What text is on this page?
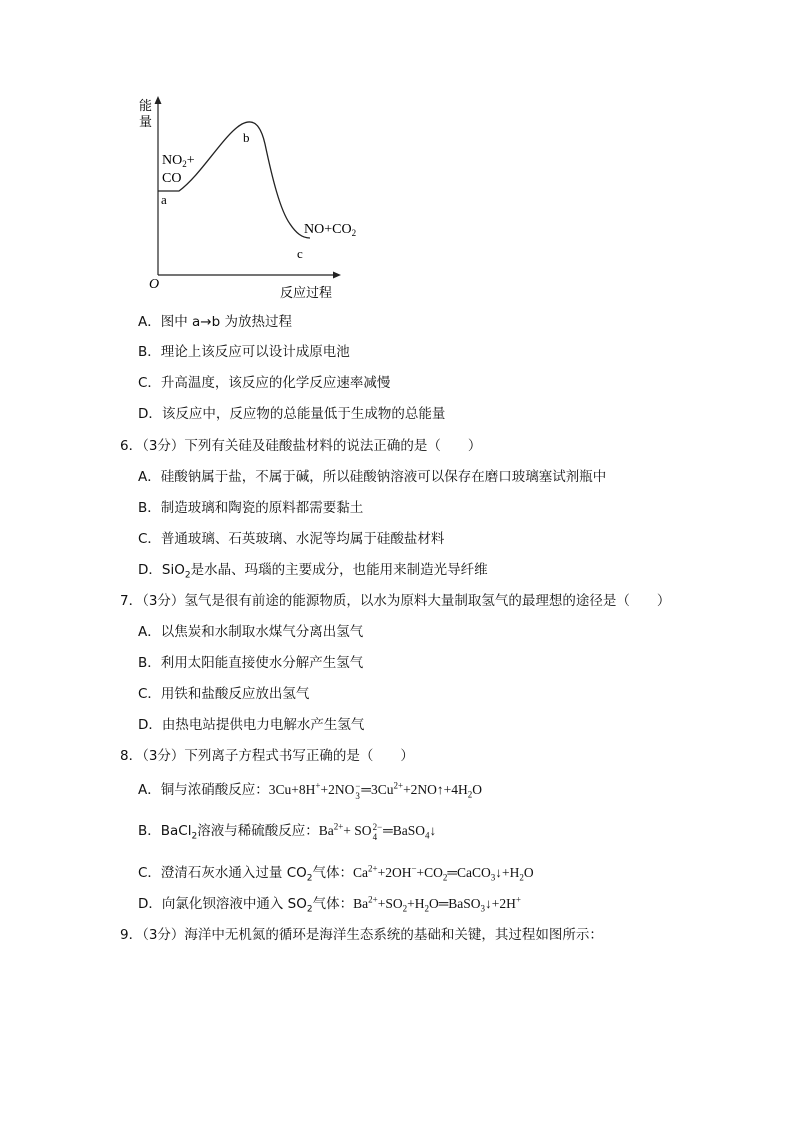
能
量
O
反应过程
a
b
c
$NO_2+$
CO
$NO+CO_2$
A．图中 a→b 为放热过程
B．理论上该反应可以设计成原电池
C．升高温度，该反应的化学反应速率减慢
D．该反应中，反应物的总能量低于生成物的总能量
6．（3分）下列有关硅及硅酸盐材料的说法正确的是（　　）
A．硅酸钠属于盐，不属于碱，所以硅酸钠溶液可以保存在磨口玻璃塞试剂瓶中
B．制造玻璃和陶瓷的原料都需要黏土
C．普通玻璃、石英玻璃、水泥等均属于硅酸盐材料
D．SiO$_2$是水晶、玛瑙的主要成分，也能用来制造光导纤维
7．（3分）氢气是很有前途的能源物质，以水为原料大量制取氢气的最理想的途径是（　　）
A．以焦炭和水制取水煤气分离出氢气
B．利用太阳能直接使水分解产生氢气
C．用铁和盐酸反应放出氢气
D．由热电站提供电力电解水产生氢气
8．（3分）下列离子方程式书写正确的是（　　）
A．铜与浓硝酸反应：3Cu+8H++2NO −
3 $═3Cu^{2+}+2NO↑+4H_2O$
B．BaCl$_2$溶液与稀硫酸反应：$Ba^{2+}+$ SO 2−
4 ═BaSO$_4$↓
C．澄清石灰水通入过量 $CO_2$气体：$Ca^{2+}+2OH^-+CO_2═CaCO_3↓+H_2O$
D．向氯化钡溶液中通入 $SO_2$气体：$Ba^{2+}+SO_2+H_2O═BaSO_3↓+2H^+$
9．（3分）海洋中无机氮的循环是海洋生态系统的基础和关键，其过程如图所示：
